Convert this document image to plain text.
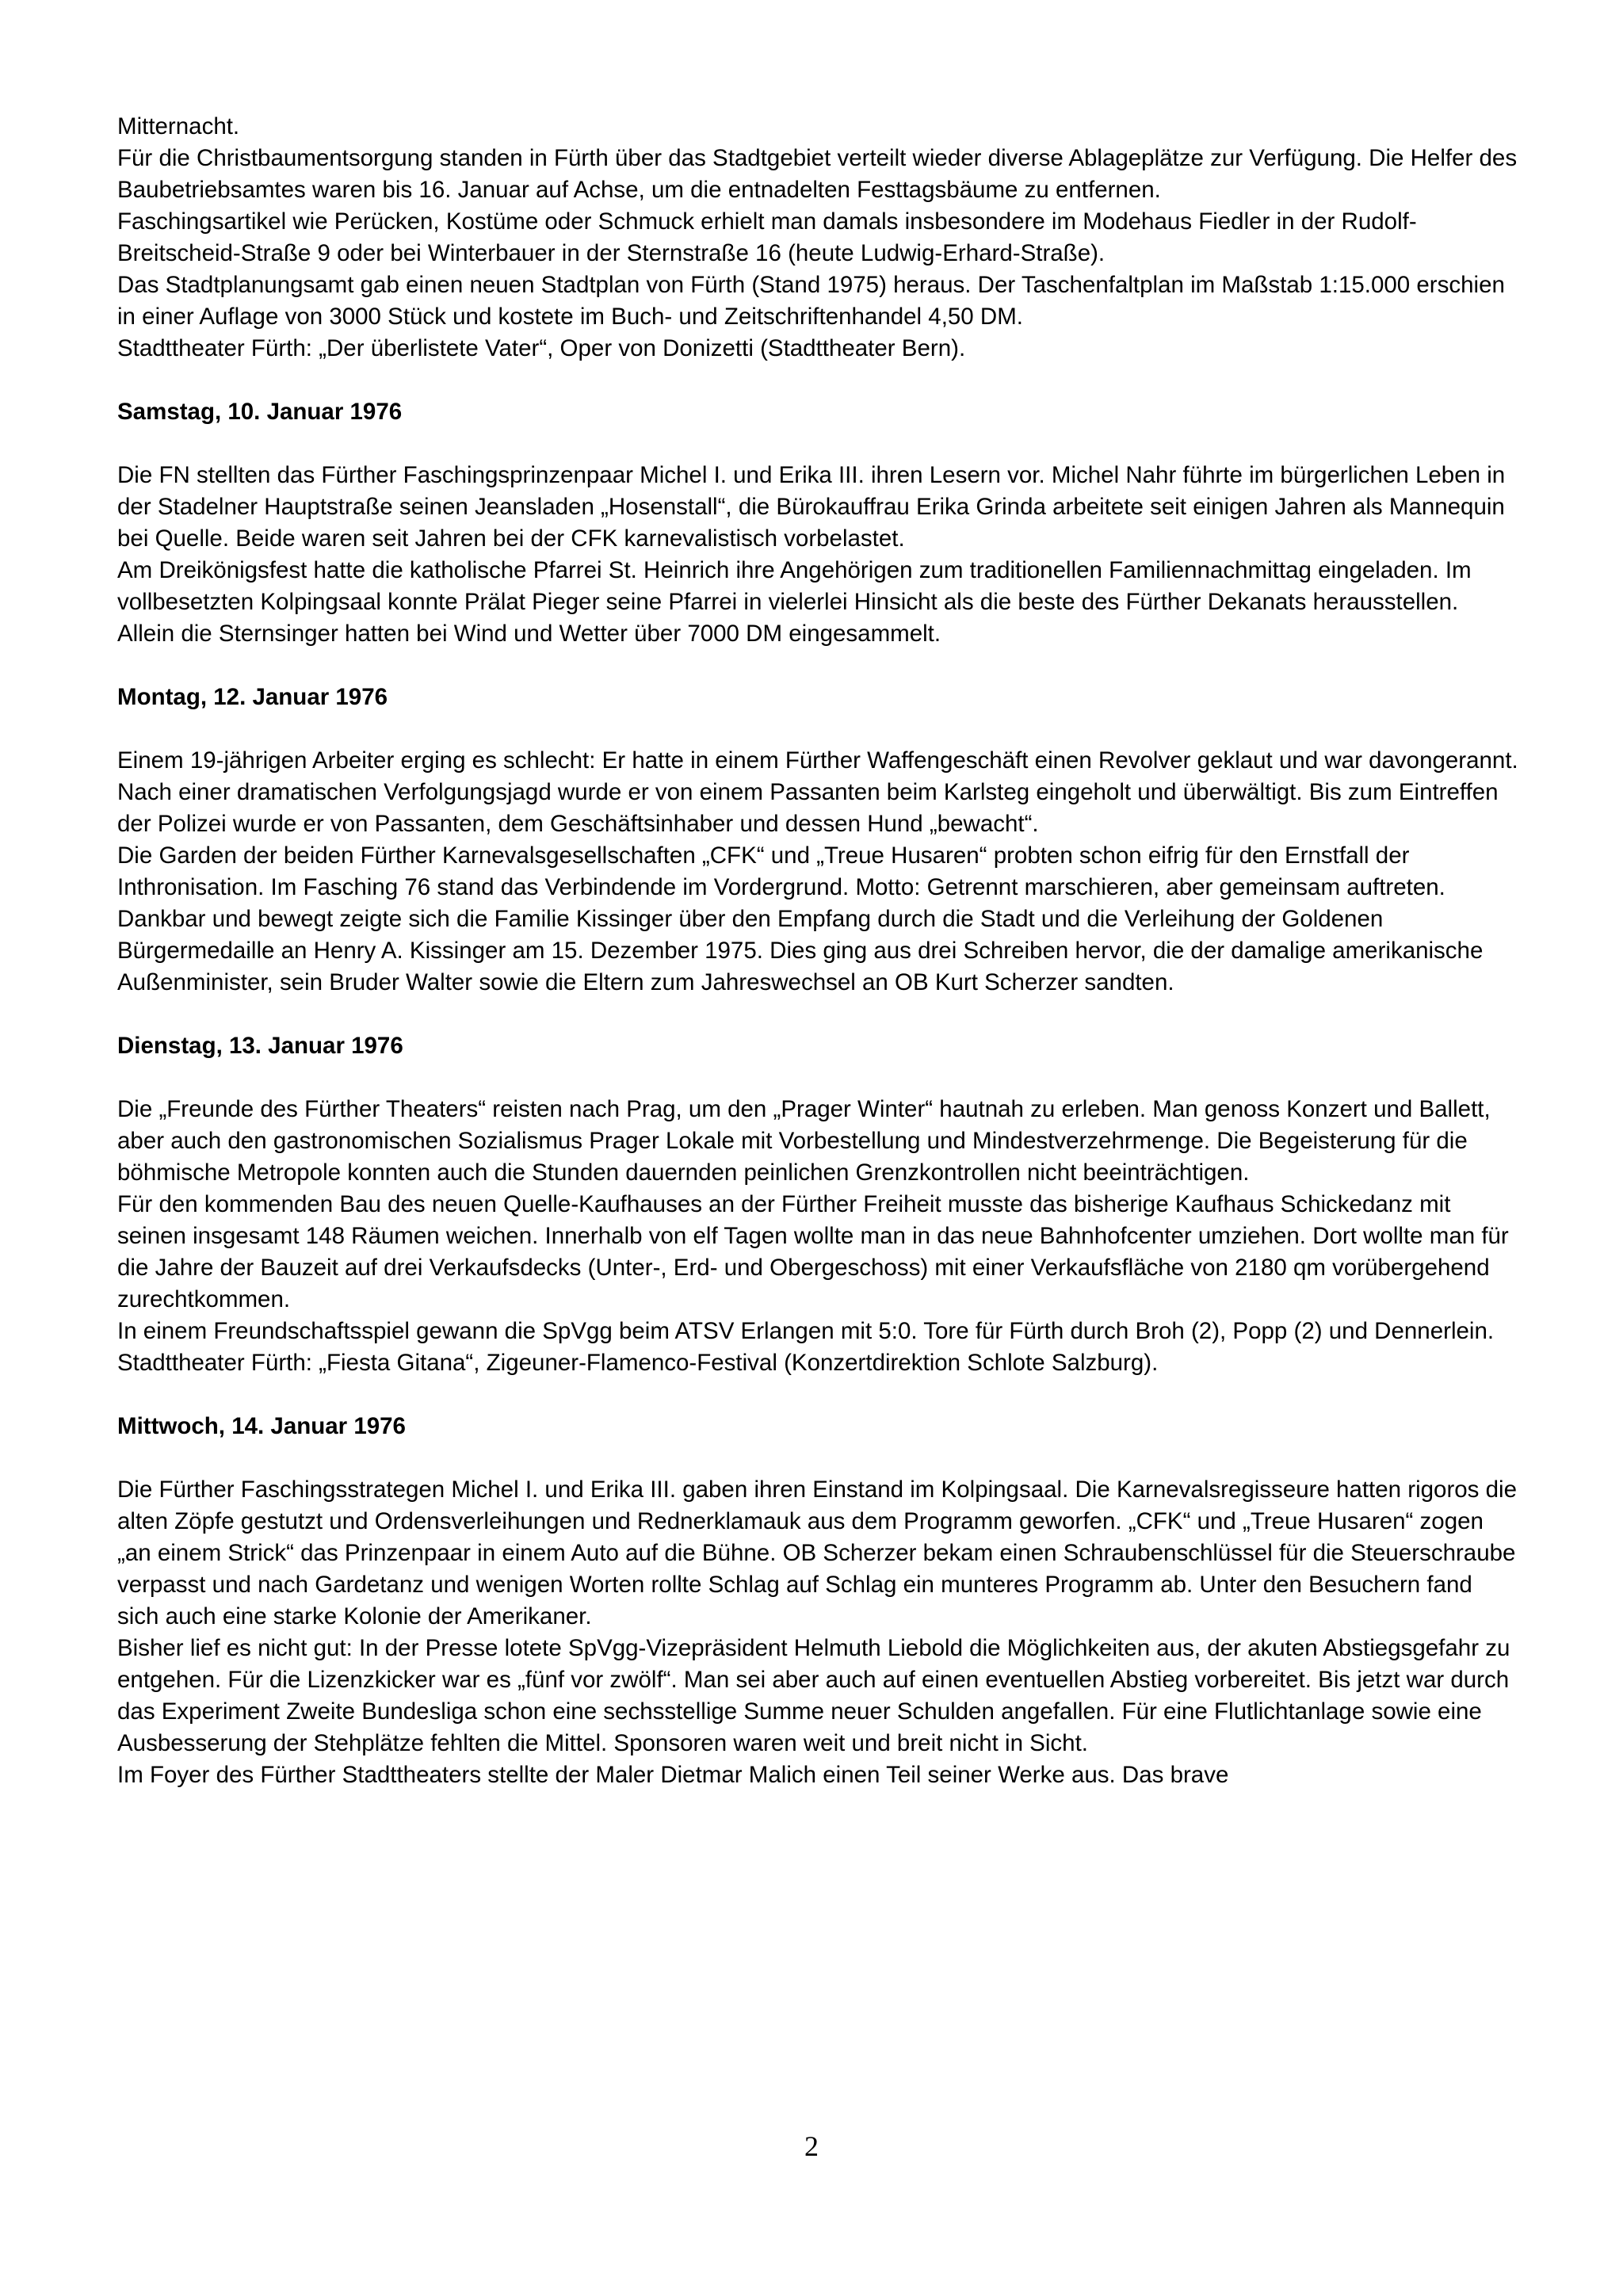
Mitternacht.

Für die Christbaumentsorgung standen in Fürth über das Stadtgebiet verteilt wieder diverse Ablageplätze zur Verfügung. Die Helfer des Baubetriebsamtes waren bis 16. Januar auf Achse, um die entnadelten Festtagsbäume zu entfernen.

Faschingsartikel wie Perücken, Kostüme oder Schmuck erhielt man damals insbesondere im Modehaus Fiedler in der Rudolf-Breitscheid-Straße 9 oder bei Winterbauer in der Sternstraße 16 (heute Ludwig-Erhard-Straße).

Das Stadtplanungsamt gab einen neuen Stadtplan von Fürth (Stand 1975) heraus. Der Taschenfaltplan im Maßstab 1:15.000 erschien in einer Auflage von 3000 Stück und kostete im Buch- und Zeitschriftenhandel 4,50 DM.

Stadttheater Fürth: „Der überlistete Vater“, Oper von Donizetti (Stadttheater Bern).

Samstag, 10. Januar 1976

Die FN stellten das Fürther Faschingsprinzenpaar Michel I. und Erika III. ihren Lesern vor. Michel Nahr führte im bürgerlichen Leben in der Stadelner Hauptstraße seinen Jeansladen „Hosenstall“, die Bürokauffrau Erika Grinda arbeitete seit einigen Jahren als Mannequin bei Quelle. Beide waren seit Jahren bei der CFK karnevalistisch vorbelastet.

Am Dreikönigsfest hatte die katholische Pfarrei St. Heinrich ihre Angehörigen zum traditionellen Familiennachmittag eingeladen. Im vollbesetzten Kolpingsaal konnte Prälat Pieger seine Pfarrei in vielerlei Hinsicht als die beste des Fürther Dekanats herausstellen. Allein die Sternsinger hatten bei Wind und Wetter über 7000 DM eingesammelt.

Montag, 12. Januar 1976

Einem 19-jährigen Arbeiter erging es schlecht: Er hatte in einem Fürther Waffengeschäft einen Revolver geklaut und war davongerannt. Nach einer dramatischen Verfolgungsjagd wurde er von einem Passanten beim Karlsteg eingeholt und überwältigt. Bis zum Eintreffen der Polizei wurde er von Passanten, dem Geschäftsinhaber und dessen Hund „bewacht“.

Die Garden der beiden Fürther Karnevalsgesellschaften „CFK“ und „Treue Husaren“ probten schon eifrig für den Ernstfall der Inthronisation. Im Fasching 76 stand das Verbindende im Vordergrund. Motto: Getrennt marschieren, aber gemeinsam auftreten.

Dankbar und bewegt zeigte sich die Familie Kissinger über den Empfang durch die Stadt und die Verleihung der Goldenen Bürgermedaille an Henry A. Kissinger am 15. Dezember 1975. Dies ging aus drei Schreiben hervor, die der damalige amerikanische Außenminister, sein Bruder Walter sowie die Eltern zum Jahreswechsel an OB Kurt Scherzer sandten.

Dienstag, 13. Januar 1976

Die „Freunde des Fürther Theaters“ reisten nach Prag, um den „Prager Winter“ hautnah zu erleben. Man genoss Konzert und Ballett, aber auch den gastronomischen Sozialismus Prager Lokale mit Vorbestellung und Mindestverzehrmenge. Die Begeisterung für die böhmische Metropole konnten auch die Stunden dauernden peinlichen Grenzkontrollen nicht beeinträchtigen.

Für den kommenden Bau des neuen Quelle-Kaufhauses an der Fürther Freiheit musste das bisherige Kaufhaus Schickedanz mit seinen insgesamt 148 Räumen weichen. Innerhalb von elf Tagen wollte man in das neue Bahnhofcenter umziehen. Dort wollte man für die Jahre der Bauzeit auf drei Verkaufsdecks (Unter-, Erd- und Obergeschoss) mit einer Verkaufsfläche von 2180 qm vorübergehend zurechtkommen.

In einem Freundschaftsspiel gewann die SpVgg beim ATSV Erlangen mit 5:0. Tore für Fürth durch Broh (2), Popp (2) und Dennerlein.

Stadttheater Fürth: „Fiesta Gitana“, Zigeuner-Flamenco-Festival (Konzertdirektion Schlote Salzburg).

Mittwoch, 14. Januar 1976

Die Fürther Faschingsstrategen Michel I. und Erika III. gaben ihren Einstand im Kolpingsaal. Die Karnevalsregisseure hatten rigoros die alten Zöpfe gestutzt und Ordensverleihungen und Rednerklamauk aus dem Programm geworfen. „CFK“ und „Treue Husaren“ zogen „an einem Strick“ das Prinzenpaar in einem Auto auf die Bühne. OB Scherzer bekam einen Schraubenschlüssel für die Steuerschraube verpasst und nach Gardetanz und wenigen Worten rollte Schlag auf Schlag ein munteres Programm ab. Unter den Besuchern fand sich auch eine starke Kolonie der Amerikaner.

Bisher lief es nicht gut: In der Presse lotete SpVgg-Vizepräsident Helmuth Liebold die Möglichkeiten aus, der akuten Abstiegsgefahr zu entgehen. Für die Lizenzkicker war es „fünf vor zwölf“. Man sei aber auch auf einen eventuellen Abstieg vorbereitet. Bis jetzt war durch das Experiment Zweite Bundesliga schon eine sechsstellige Summe neuer Schulden angefallen. Für eine Flutlichtanlage sowie eine Ausbesserung der Stehplätze fehlten die Mittel. Sponsoren waren weit und breit nicht in Sicht.

Im Foyer des Fürther Stadttheaters stellte der Maler Dietmar Malich einen Teil seiner Werke aus. Das brave

2
